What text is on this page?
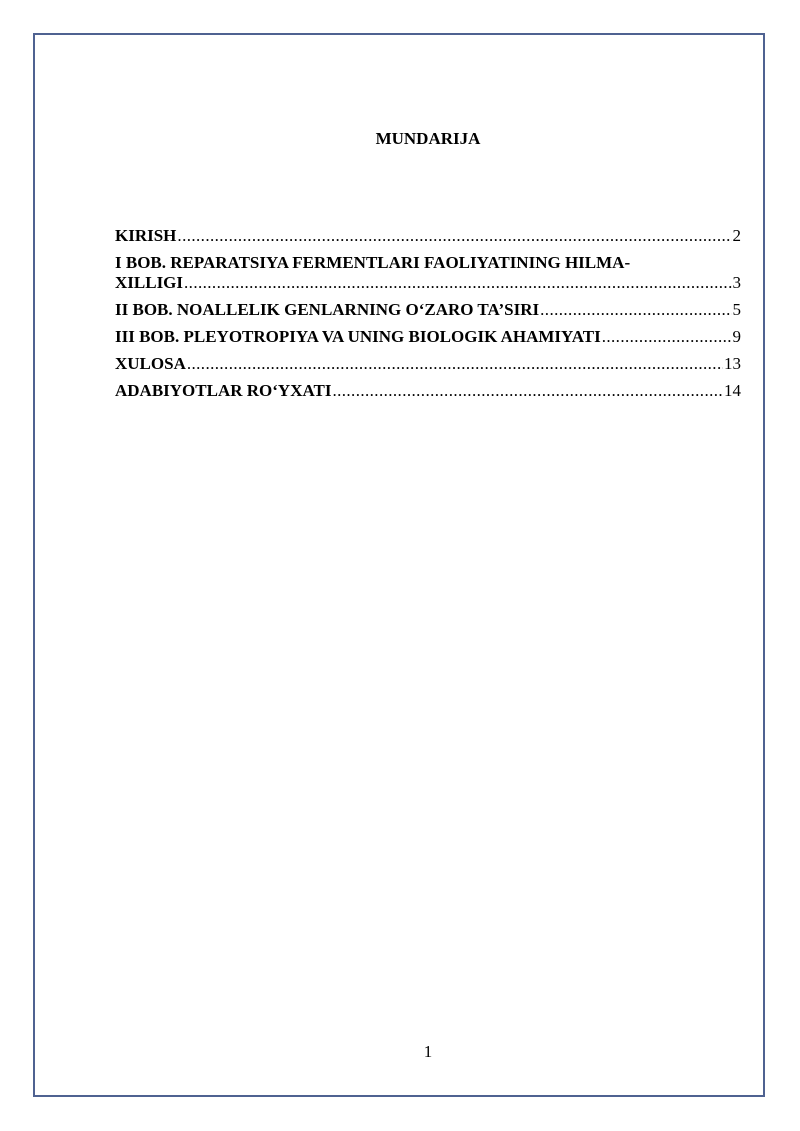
MUNDARIJA
KIRISH .....	2
I BOB. REPARATSIYA FERMENTLARI FAOLIYATINING HILMA-
XILLIGI .....	3
II BOB. NOALLELIK GENLARNING O‘ZARO TA’SIRI .....	5
III BOB. PLEYOTROPIYA VA UNING BIOLOGIK AHAMIYATI .....	9
XULOSA .....	13
ADABIYOTLAR RO‘YXATI .....	14
1
